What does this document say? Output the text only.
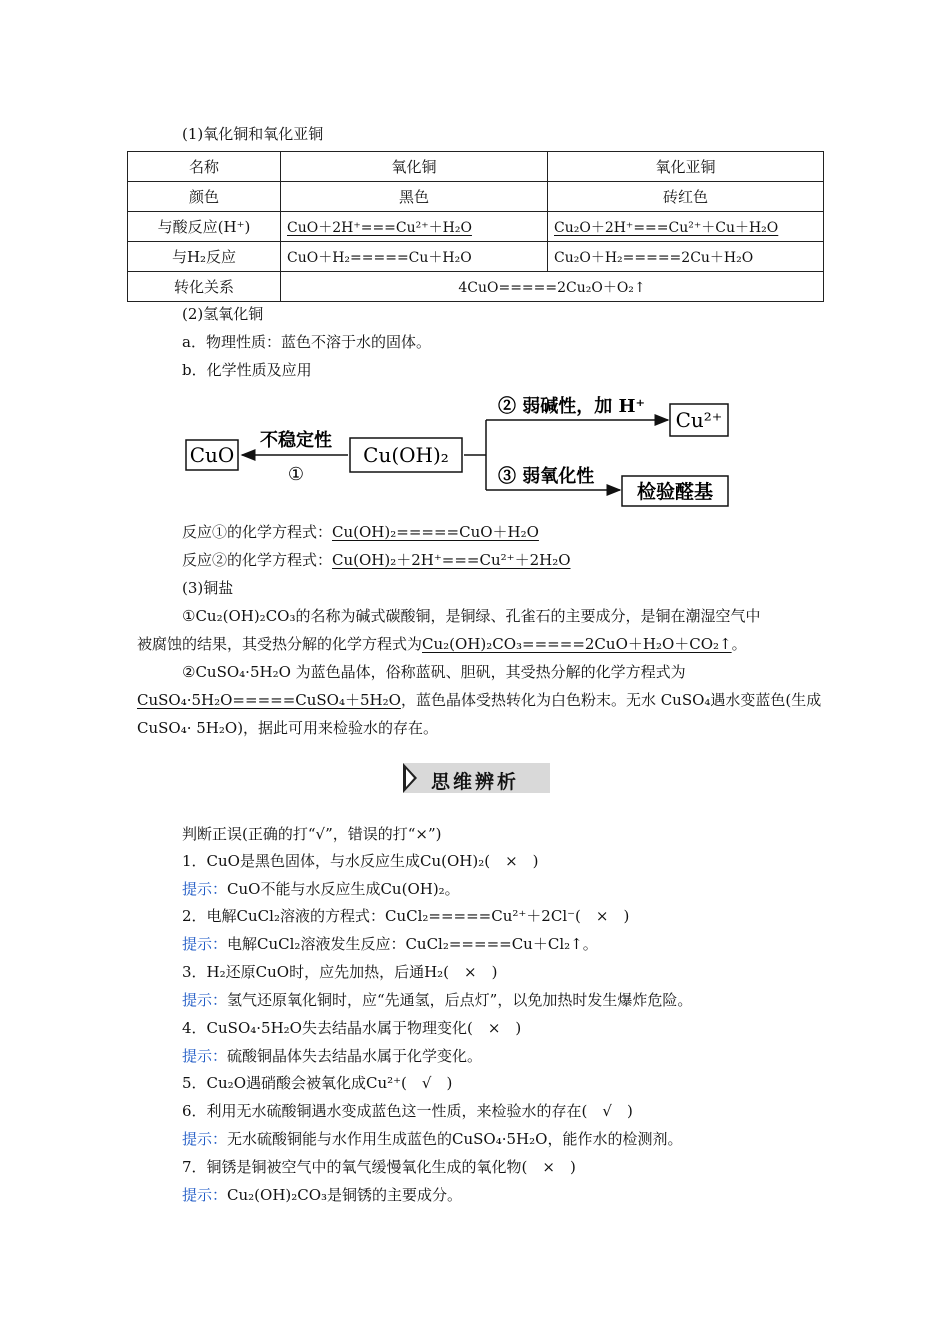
(1)氧化铜和氧化亚铜
名称	氧化铜	氧化亚铜
颜色	黑色	砖红色
与酸反应(H⁺)	CuO＋2H⁺===Cu²⁺＋H₂O	Cu₂O＋2H⁺===Cu²⁺＋Cu＋H₂O
与H₂反应	CuO＋H₂=====Cu＋H₂O	Cu₂O＋H₂=====2Cu＋H₂O
转化关系	4CuO=====2Cu₂O＋O₂↑	
(2)氢氧化铜
a．物理性质：蓝色不溶于水的固体。
b．化学性质及应用
Cu(OH)₂
CuO
不稳定性
①
② 弱碱性，加 H⁺
③ 弱氧化性
Cu²⁺
检验醛基
反应①的化学方程式：Cu(OH)₂=====CuO＋H₂O
反应②的化学方程式：Cu(OH)₂＋2H⁺===Cu²⁺＋2H₂O
(3)铜盐
①Cu₂(OH)₂CO₃的名称为碱式碳酸铜，是铜绿、孔雀石的主要成分，是铜在潮湿空气中
被腐蚀的结果，其受热分解的化学方程式为Cu₂(OH)₂CO₃=====2CuO＋H₂O＋CO₂↑。
②CuSO₄·5H₂O 为蓝色晶体，俗称蓝矾、胆矾，其受热分解的化学方程式为
CuSO₄·5H₂O=====CuSO₄＋5H₂O，蓝色晶体受热转化为白色粉末。无水 CuSO₄遇水变蓝色(生成
CuSO₄· 5H₂O)，据此可用来检验水的存在。
思维辨析
判断正误(正确的打“√”，错误的打“×”)
1．CuO是黑色固体，与水反应生成Cu(OH)₂(　×　)
提示：CuO不能与水反应生成Cu(OH)₂。
2．电解CuCl₂溶液的方程式：CuCl₂=====Cu²⁺＋2Cl⁻(　×　)
提示：电解CuCl₂溶液发生反应：CuCl₂=====Cu＋Cl₂↑。
3．H₂还原CuO时，应先加热，后通H₂(　×　)
提示：氢气还原氧化铜时，应“先通氢，后点灯”，以免加热时发生爆炸危险。
4．CuSO₄·5H₂O失去结晶水属于物理变化(　×　)
提示：硫酸铜晶体失去结晶水属于化学变化。
5．Cu₂O遇硝酸会被氧化成Cu²⁺(　√　)
6．利用无水硫酸铜遇水变成蓝色这一性质，来检验水的存在(　√　)
提示：无水硫酸铜能与水作用生成蓝色的CuSO₄·5H₂O，能作水的检测剂。
7．铜锈是铜被空气中的氧气缓慢氧化生成的氧化物(　×　)
提示：Cu₂(OH)₂CO₃是铜锈的主要成分。
